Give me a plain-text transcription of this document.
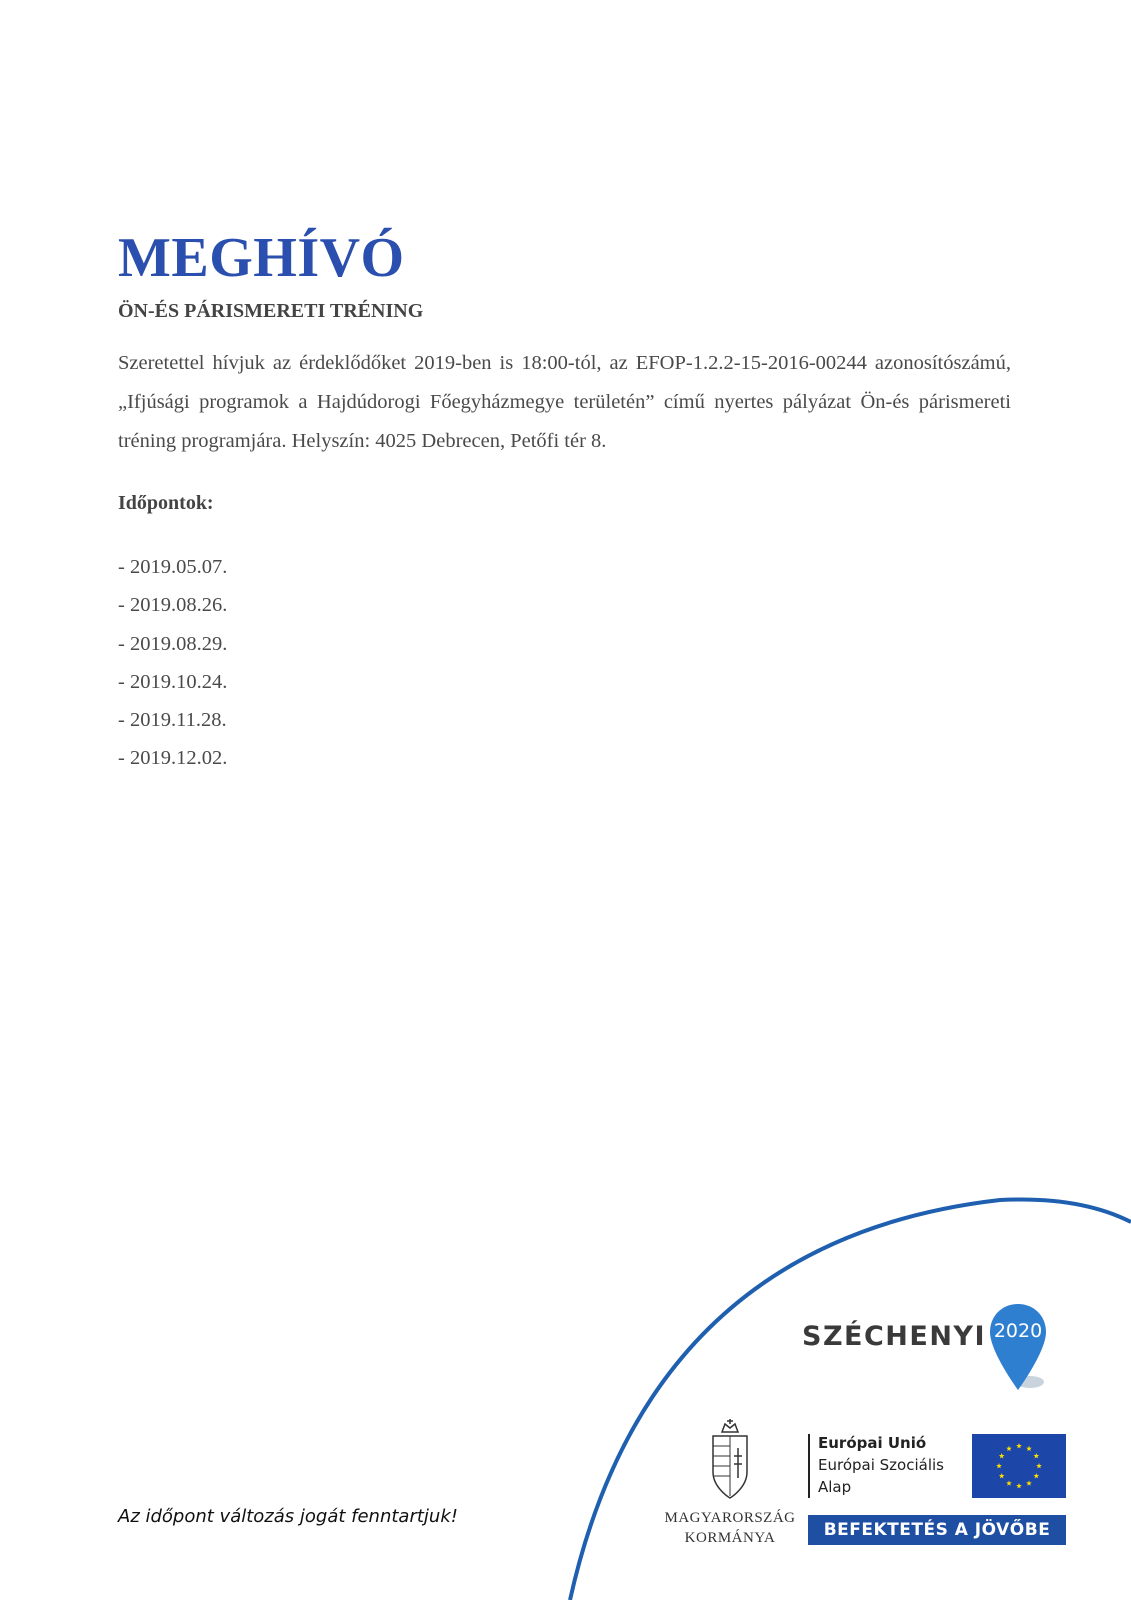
MEGHÍVÓ
ÖN-ÉS PÁRISMERETI TRÉNING

Szeretettel hívjuk az érdeklődőket 2019-ben is 18:00-tól, az EFOP-1.2.2-15-2016-00244 azonosítószámú, „Ifjúsági programok a Hajdúdorogi Főegyházmegye területén” című nyertes pályázat Ön-és párismereti tréning programjára. Helyszín: 4025 Debrecen, Petőfi tér 8.

Időpontok:
- 2019.05.07.
- 2019.08.26.
- 2019.08.29.
- 2019.10.24.
- 2019.11.28.
- 2019.12.02.

Az időpont változás jogát fenntartjuk!

SZÉCHENYI 2020
MAGYARORSZÁG
KORMÁNYA
Európai Unió
Európai Szociális
Alap
BEFEKTETÉS A JÖVŐBE
